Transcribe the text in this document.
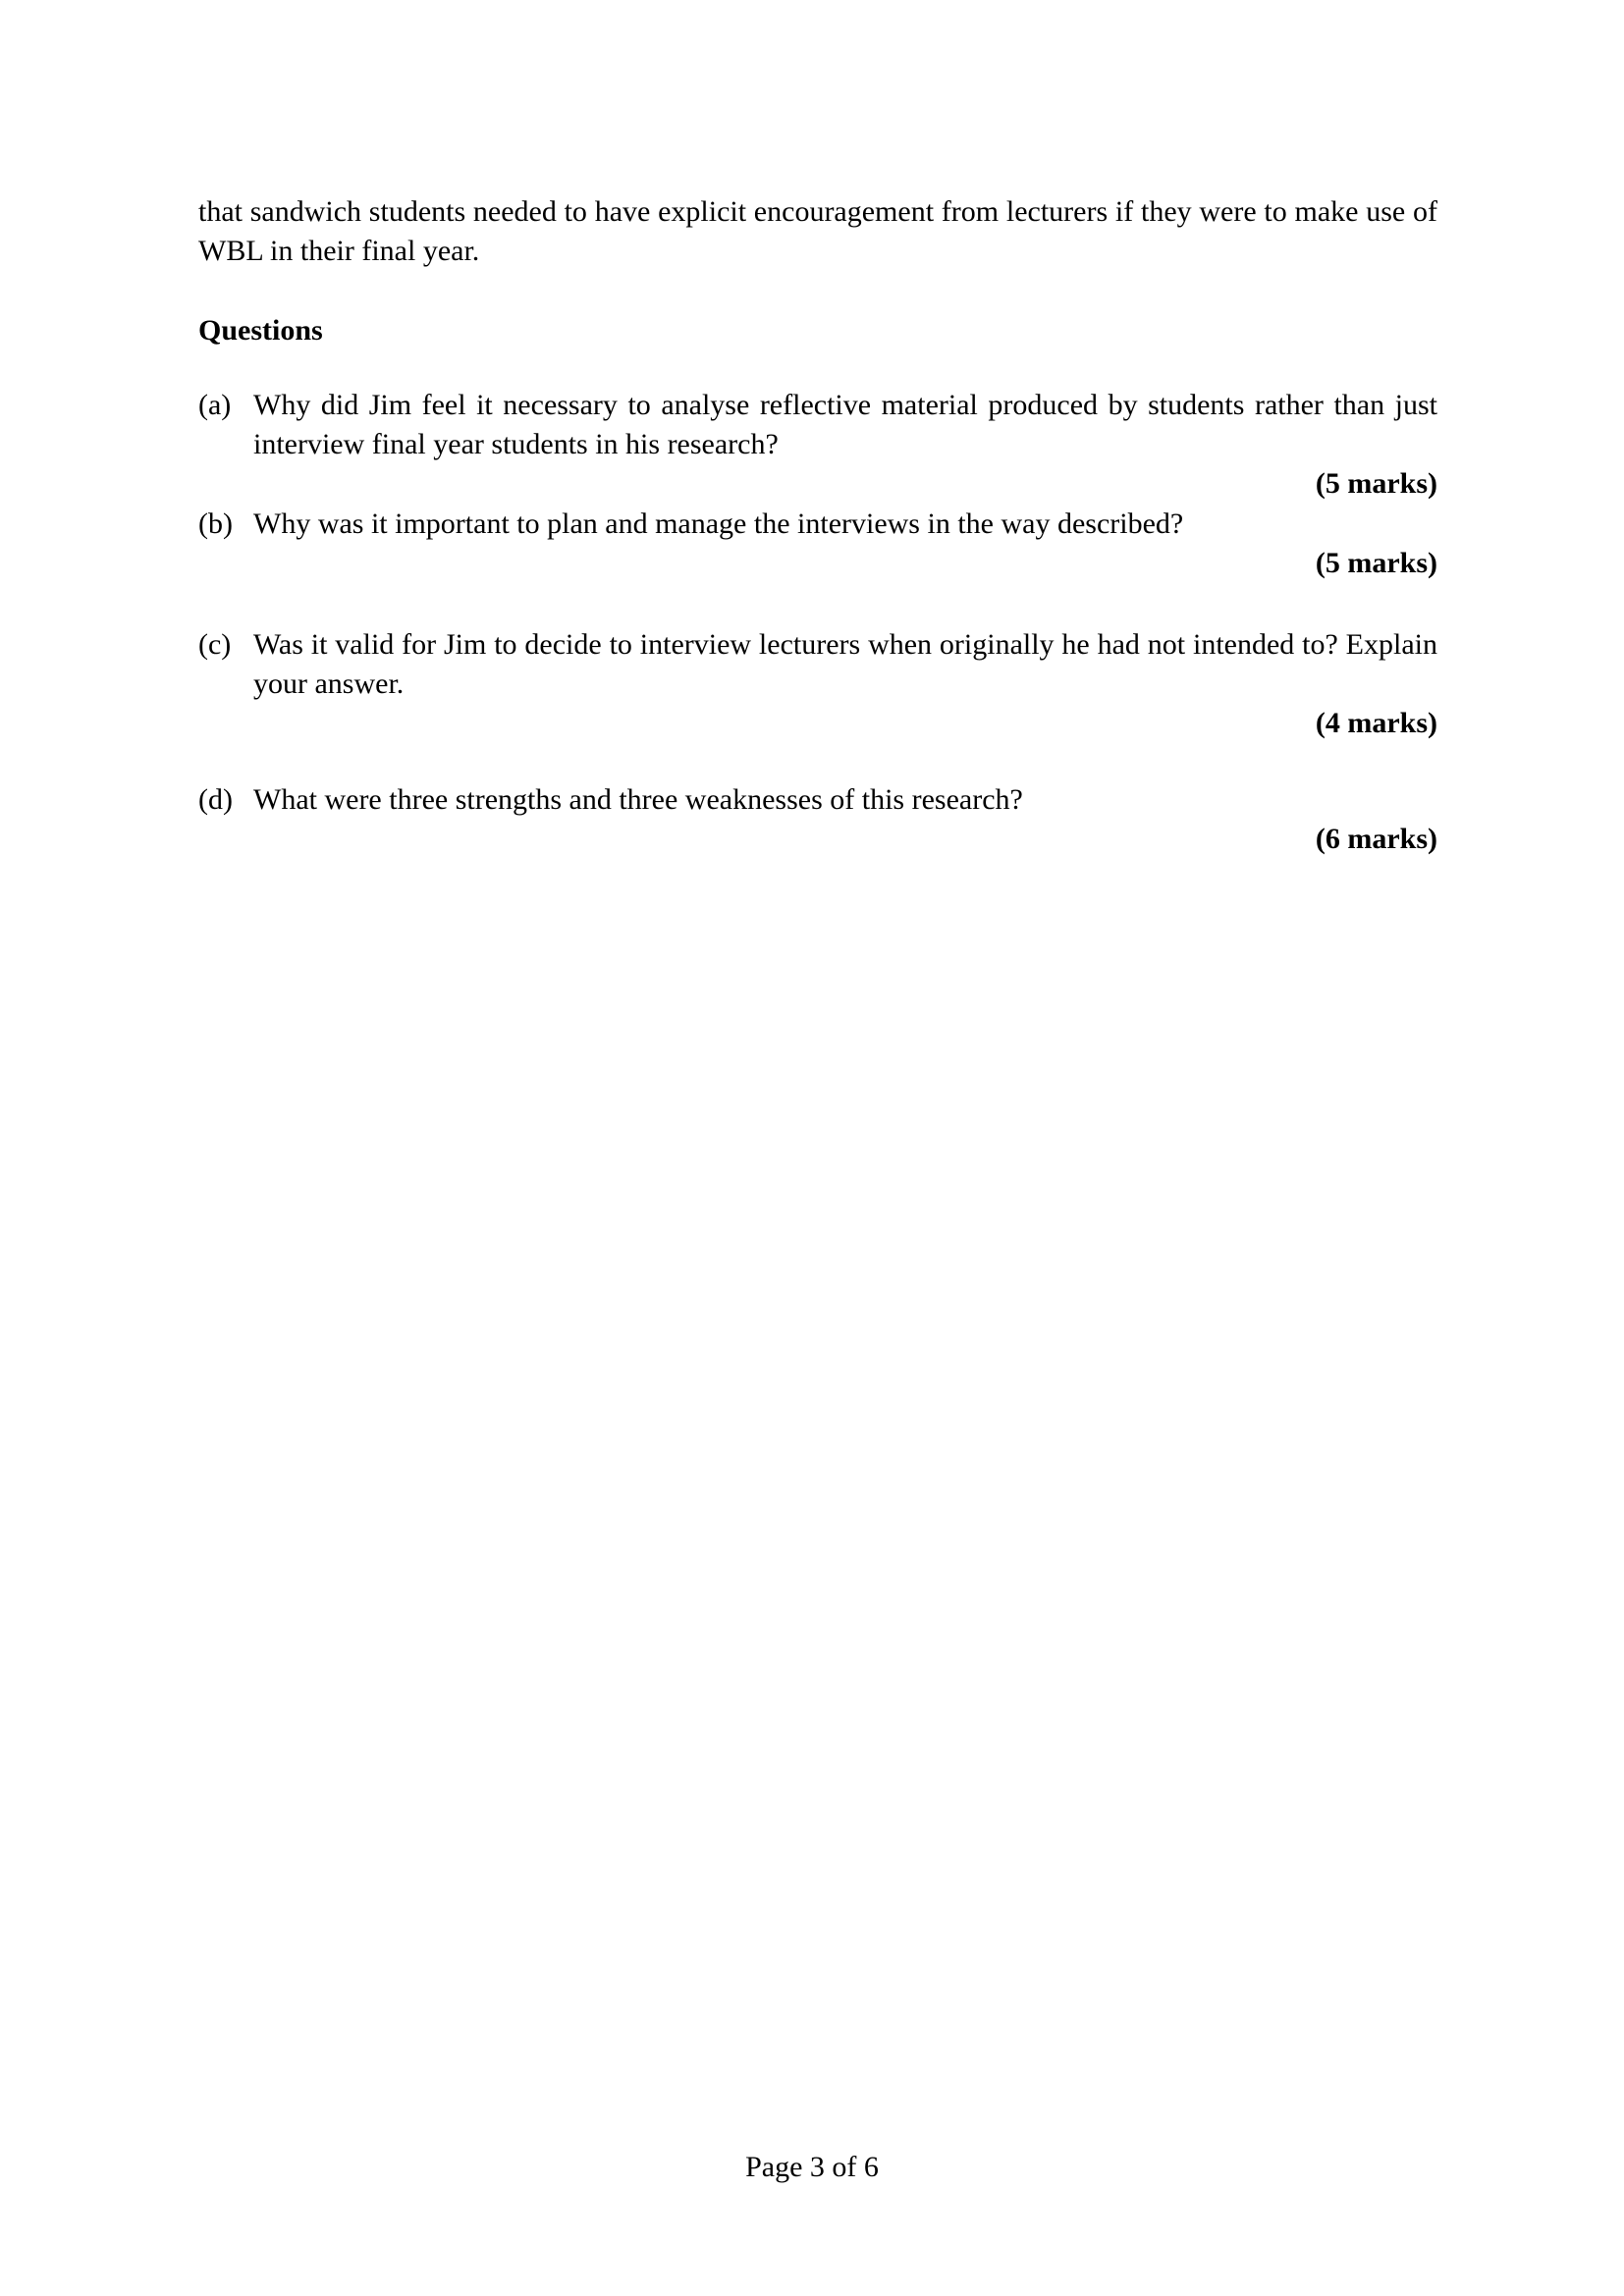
that sandwich students needed to have explicit encouragement from lecturers if they were to make use of WBL in their final year.

Questions

(a) Why did Jim feel it necessary to analyse reflective material produced by students rather than just interview final year students in his research?
(5 marks)
(b) Why was it important to plan and manage the interviews in the way described?
(5 marks)
(c) Was it valid for Jim to decide to interview lecturers when originally he had not intended to? Explain your answer.
(4 marks)
(d) What were three strengths and three weaknesses of this research?
(6 marks)
Page 3 of 6
